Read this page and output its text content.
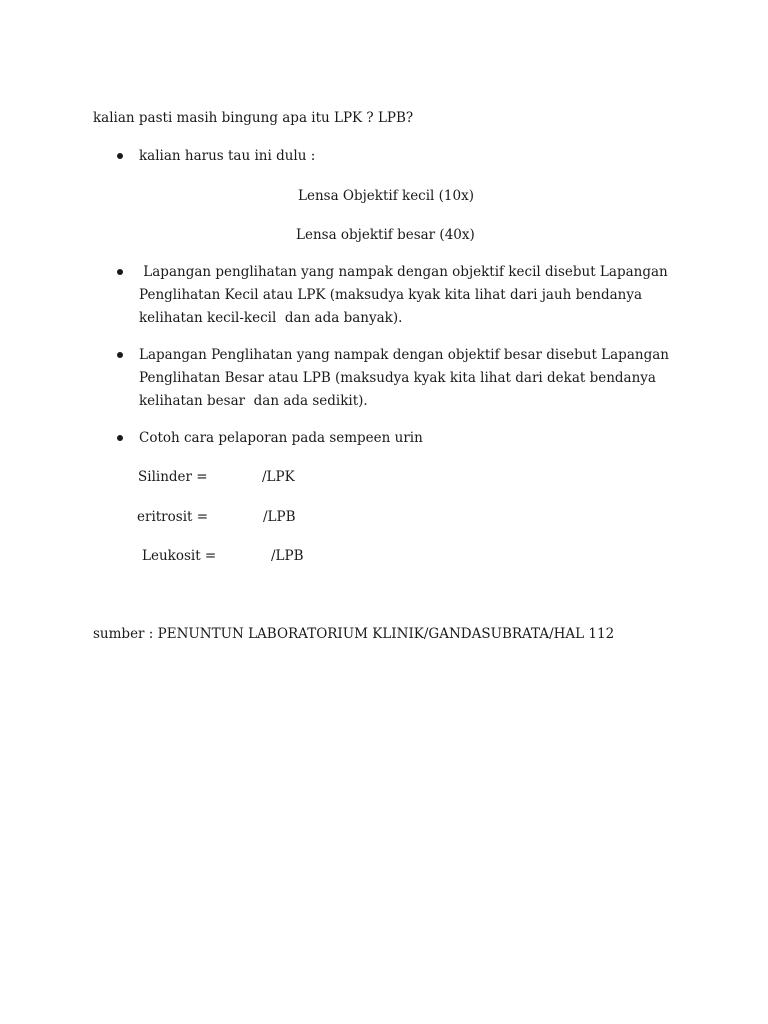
kalian pasti masih bingung apa itu LPK ? LPB?
kalian harus tau ini dulu :
Lensa Objektif kecil (10x)
Lensa objektif besar (40x)
Lapangan penglihatan yang nampak dengan objektif kecil disebut Lapangan
Penglihatan Kecil atau LPK (maksudya kyak kita lihat dari jauh bendanya
kelihatan kecil-kecil  dan ada banyak).
Lapangan Penglihatan yang nampak dengan objektif besar disebut Lapangan
Penglihatan Besar atau LPB (maksudya kyak kita lihat dari dekat bendanya
kelihatan besar  dan ada sedikit).
Cotoh cara pelaporan pada sempeen urin
Silinder =	/LPK
eritrosit =	/LPB
Leukosit =	/LPB
sumber : PENUNTUN LABORATORIUM KLINIK/GANDASUBRATA/HAL 112
